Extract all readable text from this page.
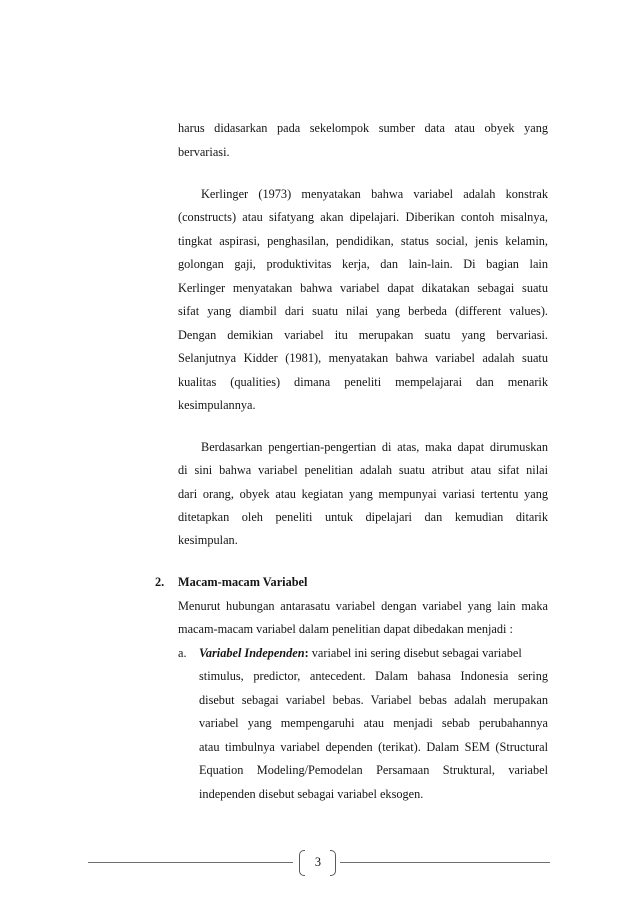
harus didasarkan pada sekelompok sumber data atau obyek yang
bervariasi.
Kerlinger (1973) menyatakan bahwa variabel adalah konstrak
(constructs) atau sifatyang akan dipelajari. Diberikan contoh misalnya,
tingkat aspirasi, penghasilan, pendidikan, status social, jenis kelamin,
golongan gaji, produktivitas kerja, dan lain-lain. Di bagian lain
Kerlinger menyatakan bahwa variabel dapat dikatakan sebagai suatu
sifat yang diambil dari suatu nilai yang berbeda (different values).
Dengan demikian variabel itu merupakan suatu yang bervariasi.
Selanjutnya Kidder (1981), menyatakan bahwa variabel adalah suatu
kualitas (qualities) dimana peneliti mempelajarai dan menarik
kesimpulannya.
Berdasarkan pengertian-pengertian di atas, maka dapat dirumuskan
di sini bahwa variabel penelitian adalah suatu atribut atau sifat nilai
dari orang, obyek atau kegiatan yang mempunyai variasi tertentu yang
ditetapkan oleh peneliti untuk dipelajari dan kemudian ditarik
kesimpulan.
2. Macam-macam Variabel
Menurut hubungan antarasatu variabel dengan variabel yang lain maka
macam-macam variabel dalam penelitian dapat dibedakan menjadi :
a. Variabel Independen: variabel ini sering disebut sebagai variabel
stimulus, predictor, antecedent. Dalam bahasa Indonesia sering
disebut sebagai variabel bebas. Variabel bebas adalah merupakan
variabel yang mempengaruhi atau menjadi sebab perubahannya
atau timbulnya variabel dependen (terikat). Dalam SEM (Structural
Equation Modeling/Pemodelan Persamaan Struktural, variabel
independen disebut sebagai variabel eksogen.
3
